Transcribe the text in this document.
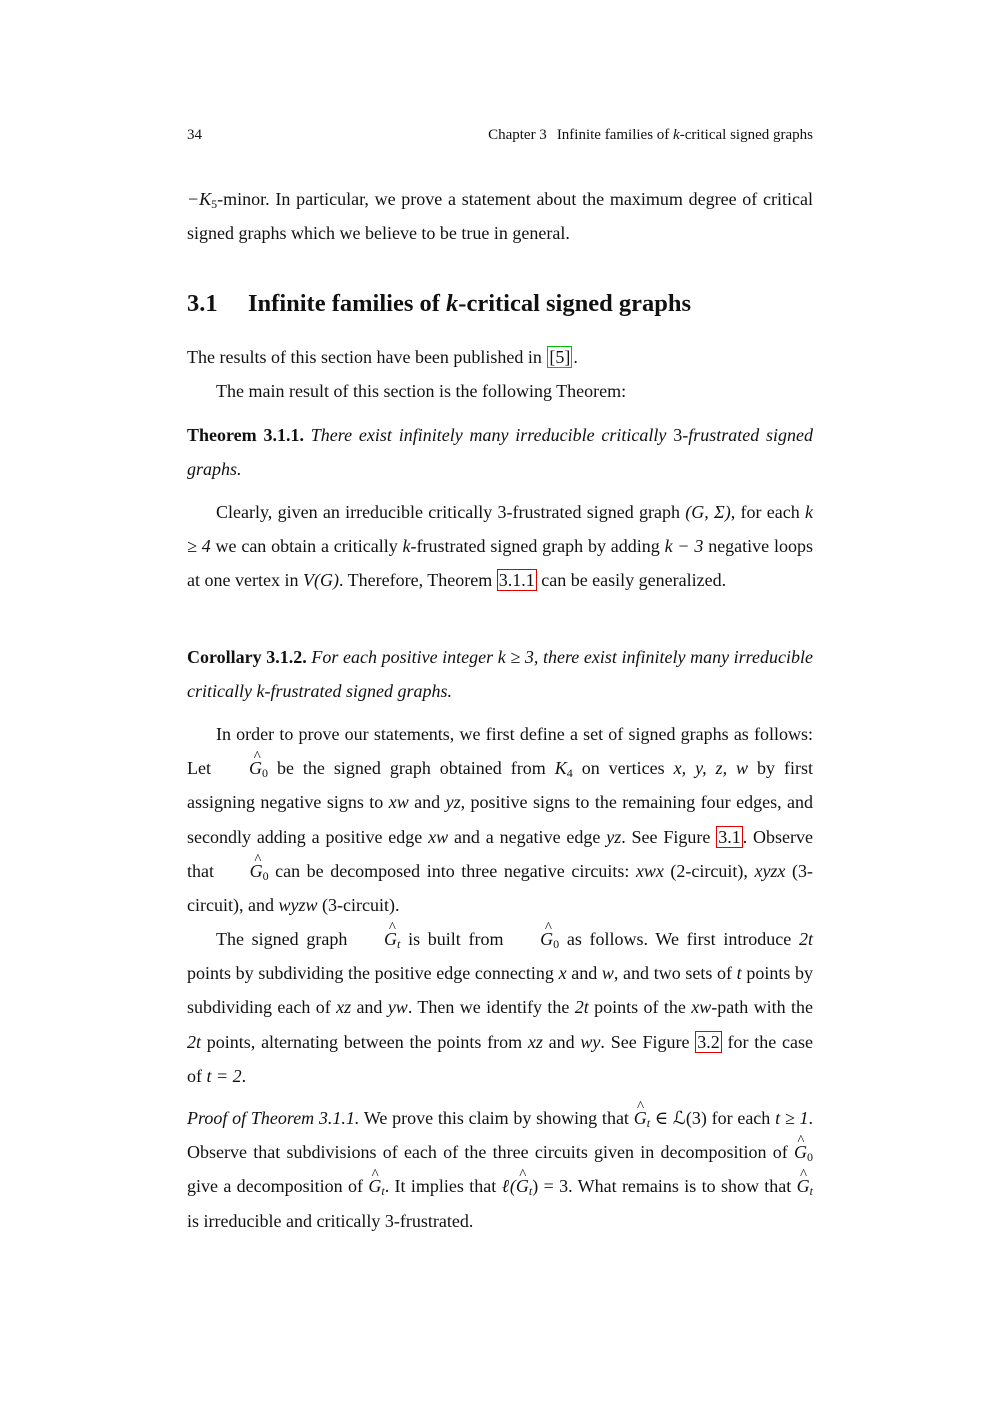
34	Chapter 3 Infinite families of k-critical signed graphs

$-K_5$-minor. In particular, we prove a statement about the maximum degree of critical signed graphs which we believe to be true in general.

3.1 Infinite families of k-critical signed graphs

The results of this section have been published in [5] .

The main result of this section is the following Theorem:

Theorem 3.1.1. There exist infinitely many irreducible critically 3-frustrated signed graphs.

Clearly, given an irreducible critically 3-frustrated signed graph (G, Σ), for each k ≥ 4 we can obtain a critically k-frustrated signed graph by adding k − 3 negative loops at one vertex in V(G). Therefore, Theorem 3.1.1 can be easily generalized.

Corollary 3.1.2. For each positive integer k ≥ 3, there exist infinitely many irreducible critically k-frustrated signed graphs.

In order to prove our statements, we first define a set of signed graphs as follows: Let ^ $G_0$ be the signed graph obtained from $K_4$ on vertices x, y, z, w by first assigning negative signs to xw and yz, positive signs to the remaining four edges, and secondly adding a positive edge xw and a negative edge yz. See Figure 3.1 . Observe that ^ $G_0$ can be decomposed into three negative circuits: xwx (2-circuit), xyzx (3-circuit), and wyzw (3-circuit).

The signed graph ^ $G_t$ is built from ^ $G_0$ as follows. We first introduce 2t points by subdividing the positive edge connecting x and w, and two sets of t points by subdividing each of xz and yw. Then we identify the 2t points of the xw-path with the 2t points, alternating between the points from xz and wy. See Figure 3.2 for the case of t = 2.

Proof of Theorem 3.1.1. We prove this claim by showing that ^ $G_t$ ∈ ℒ(3) for each t ≥ 1. Observe that subdivisions of each of the three circuits given in decomposition of ^ $G_0$ give a decomposition of ^ $G_t$. It implies that ℓ(^ $G_t) = 3$. What remains is to show that ^ $G_t$ is irreducible and critically 3-frustrated.
